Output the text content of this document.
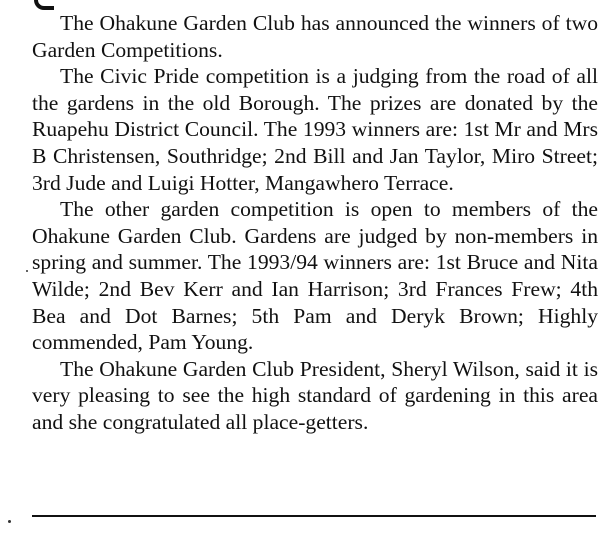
The Ohakune Garden Club has announced the winners of two Garden Competitions.

The Civic Pride competition is a judging from the road of all the gardens in the old Borough. The prizes are donated by the Ruapehu District Council. The 1993 winners are: 1st Mr and Mrs B Christensen, Southridge; 2nd Bill and Jan Taylor, Miro Street; 3rd Jude and Luigi Hotter, Mangawhero Terrace.

The other garden competition is open to members of the Ohakune Garden Club. Gardens are judged by non-members in spring and summer. The 1993/94 winners are: 1st Bruce and Nita Wilde; 2nd Bev Kerr and Ian Harrison; 3rd Frances Frew; 4th Bea and Dot Barnes; 5th Pam and Deryk Brown; Highly commended, Pam Young.

The Ohakune Garden Club President, Sheryl Wilson, said it is very pleasing to see the high standard of gardening in this area and she congratulated all place-getters.
